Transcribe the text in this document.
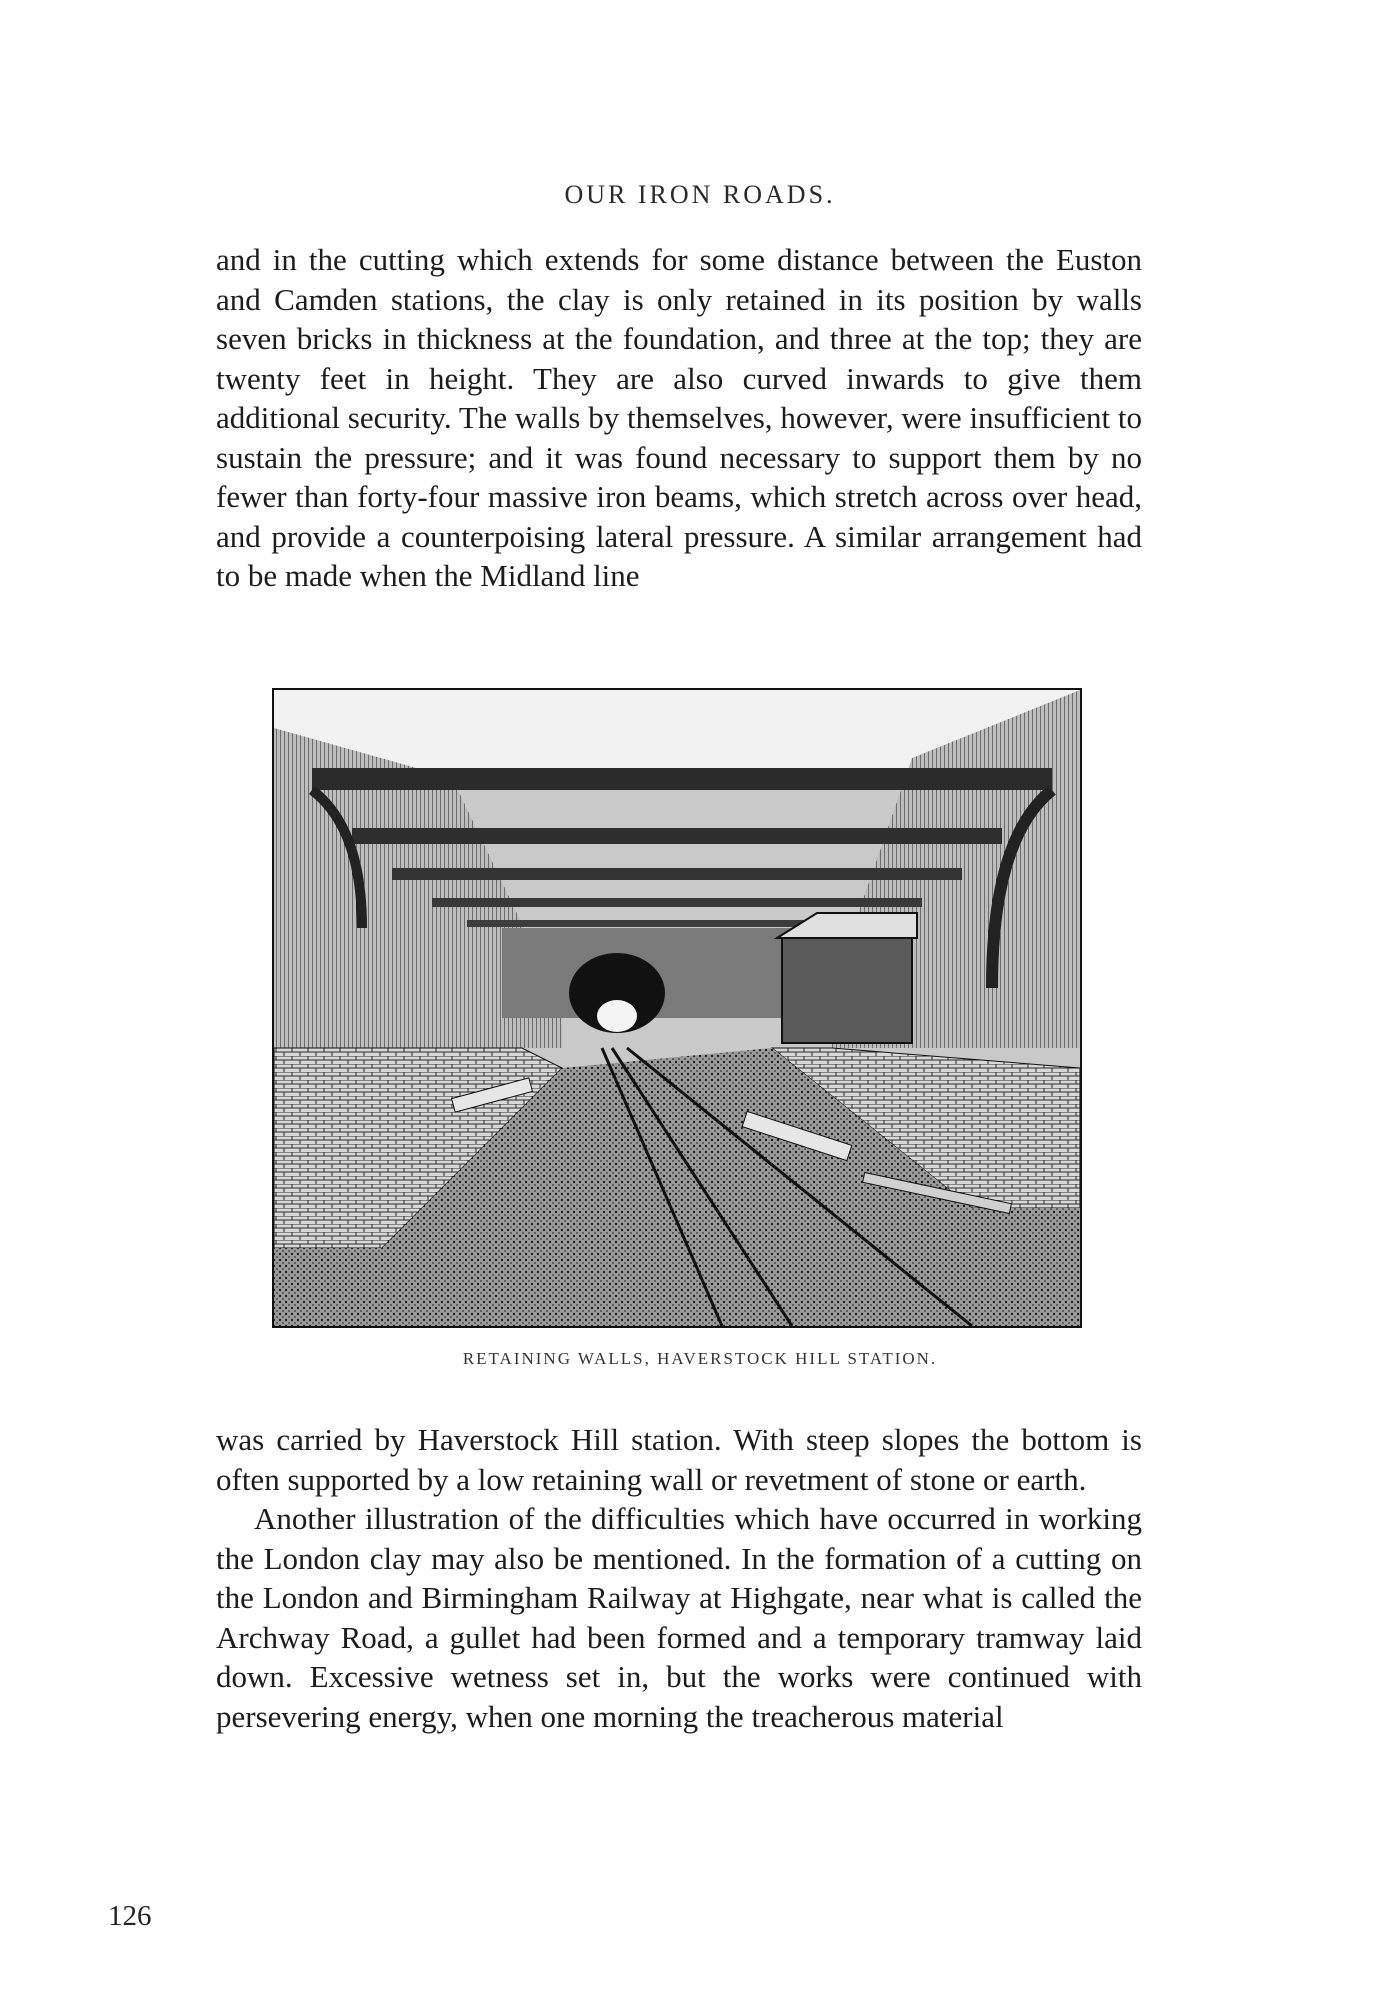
OUR IRON ROADS.

and in the cutting which extends for some distance between the Euston and Camden stations, the clay is only retained in its position by walls seven bricks in thickness at the foundation, and three at the top; they are twenty feet in height. They are also curved inwards to give them additional security. The walls by themselves, however, were insufficient to sustain the pressure; and it was found necessary to support them by no fewer than forty-four massive iron beams, which stretch across over head, and provide a counterpoising lateral pressure. A similar arrangement had to be made when the Midland line

RETAINING WALLS, HAVERSTOCK HILL STATION.

was carried by Haverstock Hill station. With steep slopes the bottom is often supported by a low retaining wall or revetment of stone or earth.

Another illustration of the difficulties which have occurred in working the London clay may also be mentioned. In the formation of a cutting on the London and Birmingham Railway at Highgate, near what is called the Archway Road, a gullet had been formed and a temporary tramway laid down. Excessive wetness set in, but the works were continued with persevering energy, when one morning the treacherous material

126
